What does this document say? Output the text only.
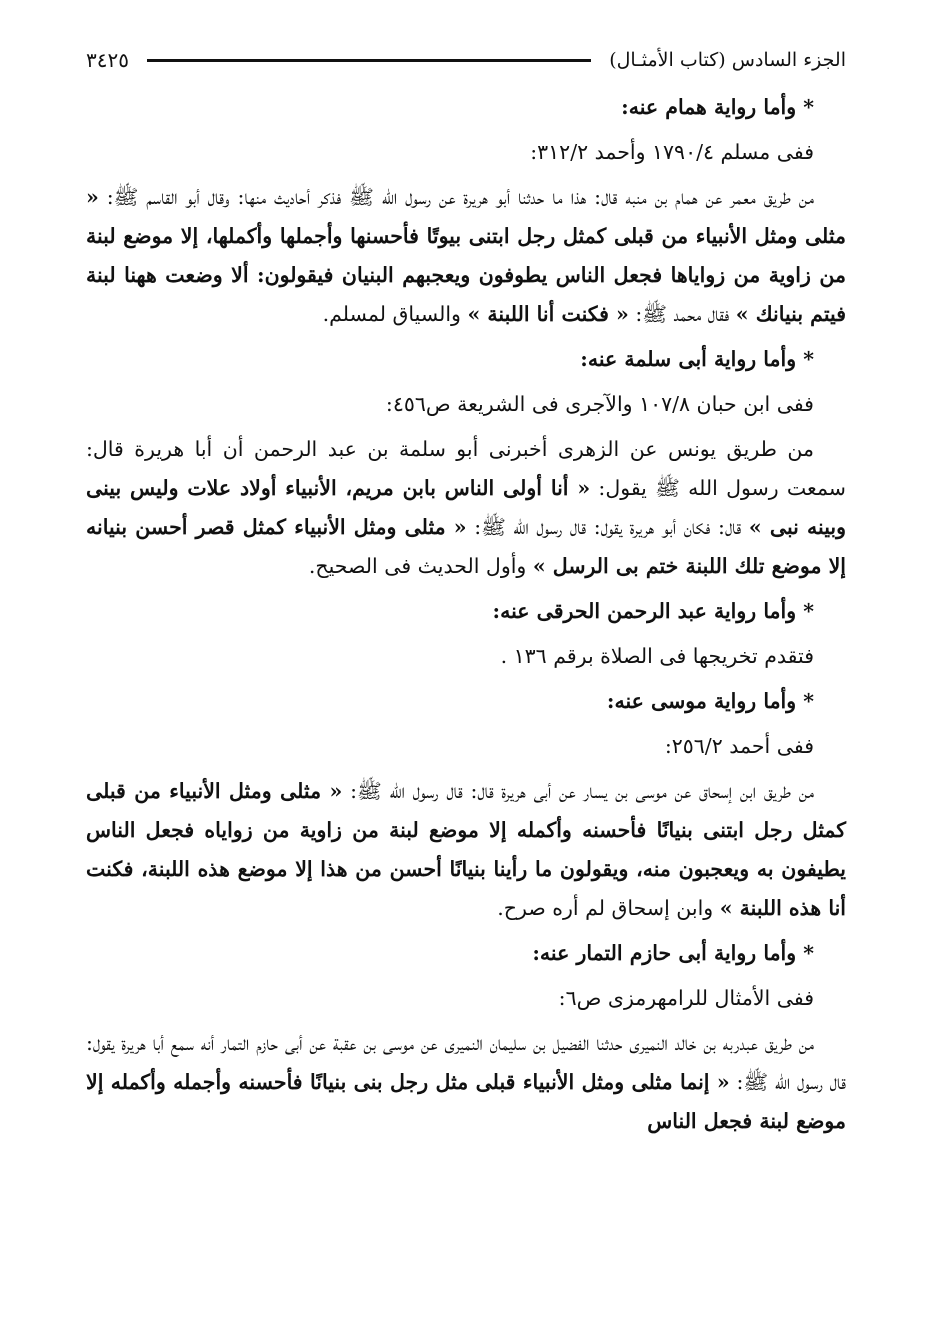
الجزء السادس (كتاب الأمثـال)
٣٤٢٥

* وأما رواية همام عنه:

ففى مسلم ١٧٩٠/٤ وأحمد ٣١٢/٢:

من طريق معمر عن همام بن منبه قال: هذا ما حدثنا أبو هريرة عن رسول الله ﷺ فذكر أحاديث منها: وقال أبو القاسم ﷺ: « مثلى ومثل الأنبياء من قبلى كمثل رجل ابتنى بيوتًا فأحسنها وأجملها وأكملها، إلا موضع لبنة من زاوية من زواياها فجعل الناس يطوفون ويعجبهم البنيان فيقولون: ألا وضعت ههنا لبنة فيتم بنيانك » فقال محمد ﷺ: « فكنت أنا اللبنة » والسياق لمسلم.

* وأما رواية أبى سلمة عنه:

ففى ابن حبان ١٠٧/٨ والآجرى فى الشريعة ص٤٥٦:

من طريق يونس عن الزهرى أخبرنى أبو سلمة بن عبد الرحمن أن أبا هريرة قال: سمعت رسول الله ﷺ يقول: « أنا أولى الناس بابن مريم، الأنبياء أولاد علات وليس بينى وبينه نبى » قال: فكان أبو هريرة يقول: قال رسول الله ﷺ: « مثلى ومثل الأنبياء كمثل قصر أحسن بنيانه إلا موضع تلك اللبنة ختم بى الرسل » وأول الحديث فى الصحيح.

* وأما رواية عبد الرحمن الحرقى عنه:

فتقدم تخريجها فى الصلاة برقم ١٣٦ .

* وأما رواية موسى عنه:

ففى أحمد ٢٥٦/٢:

من طريق ابن إسحاق عن موسى بن يسار عن أبى هريرة قال: قال رسول الله ﷺ: « مثلى ومثل الأنبياء من قبلى كمثل رجل ابتنى بنيانًا فأحسنه وأكمله إلا موضع لبنة من زاوية من زواياه فجعل الناس يطيفون به ويعجبون منه، ويقولون ما رأينا بنيانًا أحسن من هذا إلا موضع هذه اللبنة، فكنت أنا هذه اللبنة » وابن إسحاق لم أره صرح.

* وأما رواية أبى حازم التمار عنه:

ففى الأمثال للرامهرمزى ص٦:

من طريق عبدربه بن خالد النميرى حدثنا الفضيل بن سليمان النميرى عن موسى بن عقبة عن أبى حازم التمار أنه سمع أبا هريرة يقول: قال رسول الله ﷺ: « إنما مثلى ومثل الأنبياء قبلى مثل رجل بنى بنيانًا فأحسنه وأجمله وأكمله إلا موضع لبنة فجعل الناس
